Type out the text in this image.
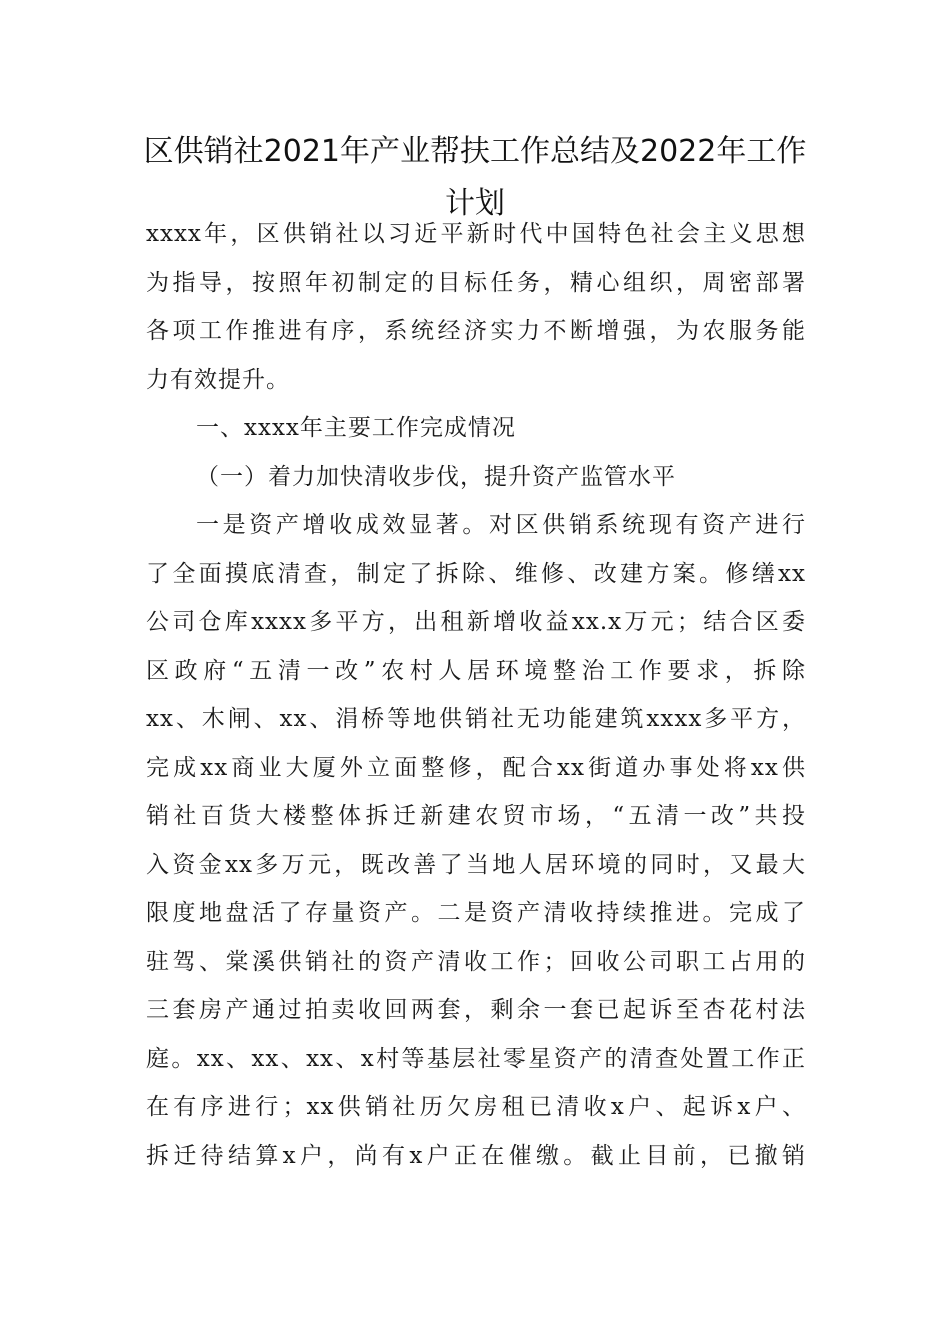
区供销社2021年产业帮扶工作总结及2022年工作
计划
xxxx年，区供销社以习近平新时代中国特色社会主义思想
为指导，按照年初制定的目标任务，精心组织，周密部署
各项工作推进有序，系统经济实力不断增强，为农服务能
力有效提升。
一、xxxx年主要工作完成情况
（一）着力加快清收步伐，提升资产监管水平
一是资产增收成效显著。对区供销系统现有资产进行
了全面摸底清查，制定了拆除、维修、改建方案。修缮xx
公司仓库xxxx多平方，出租新增收益xx.x万元；结合区委
区政府“五清一改”农村人居环境整治工作要求，拆除
xx、木闸、xx、涓桥等地供销社无功能建筑xxxx多平方，
完成xx商业大厦外立面整修，配合xx街道办事处将xx供
销社百货大楼整体拆迁新建农贸市场，“五清一改”共投
入资金xx多万元，既改善了当地人居环境的同时，又最大
限度地盘活了存量资产。二是资产清收持续推进。完成了
驻驾、棠溪供销社的资产清收工作；回收公司职工占用的
三套房产通过拍卖收回两套，剩余一套已起诉至杏花村法
庭。xx、xx、xx、x村等基层社零星资产的清查处置工作正
在有序进行；xx供销社历欠房租已清收x户、起诉x户、
拆迁待结算x户，尚有x户正在催缴。截止目前，已撤销
